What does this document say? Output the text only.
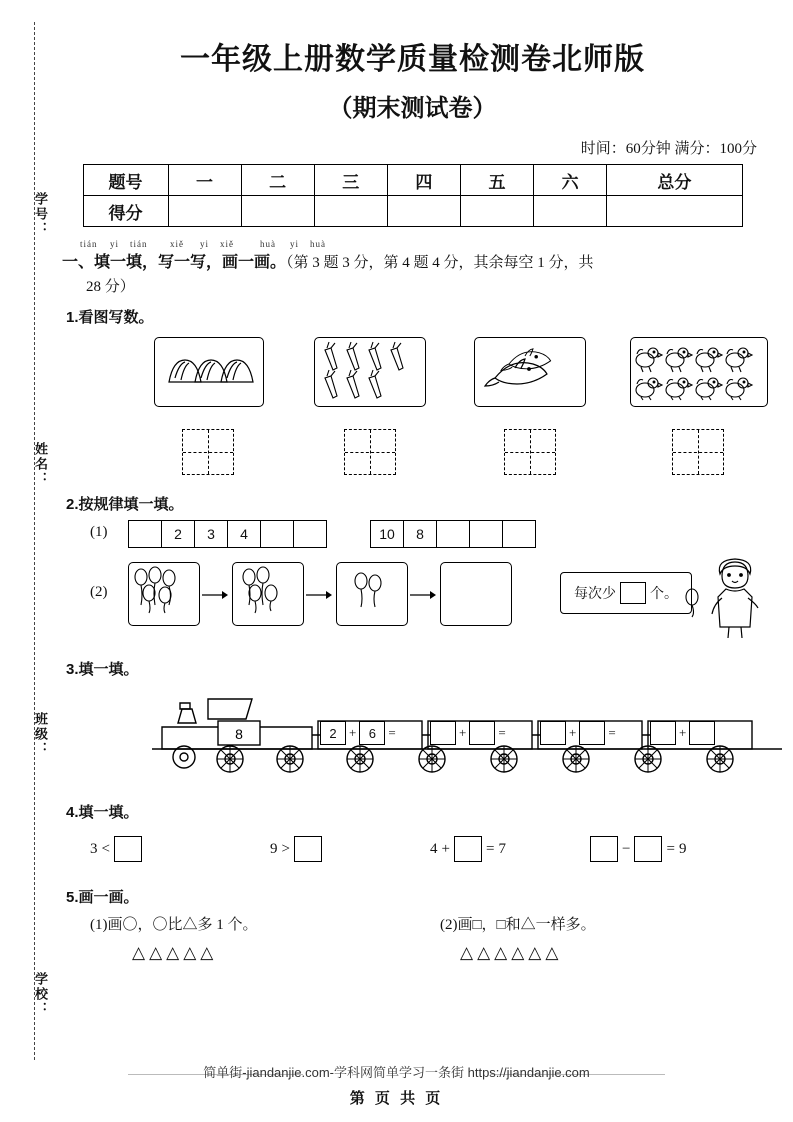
学号：
姓名：
班级：
学校：
一年级上册数学质量检测卷北师版
（期末测试卷）
时间：60分钟 满分：100分
题号	一	二	三	四	五	六	总分
得分							
tián yi tián	xiě yi xiě	huà yi huà
一、填一填，写一写，画一画。（第 3 题 3 分，第 4 题 4 分，其余每空 1 分，共
28 分）
1.看图写数。
2.按规律填一填。
(1)	2	3	4	10	8
(2)	每次少 个。
3.填一填。
8	2 + 6 =	+ =	+ =	+
4.填一填。
3 <	9 >	4 + = 7	− = 9
5.画一画。
(1)画〇，〇比△多 1 个。	(2)画□，□和△一样多。
△△△△△	△△△△△△
简单街-jiandanjie.com-学科网简单学习一条街 https://jiandanjie.com
第 页 共 页
